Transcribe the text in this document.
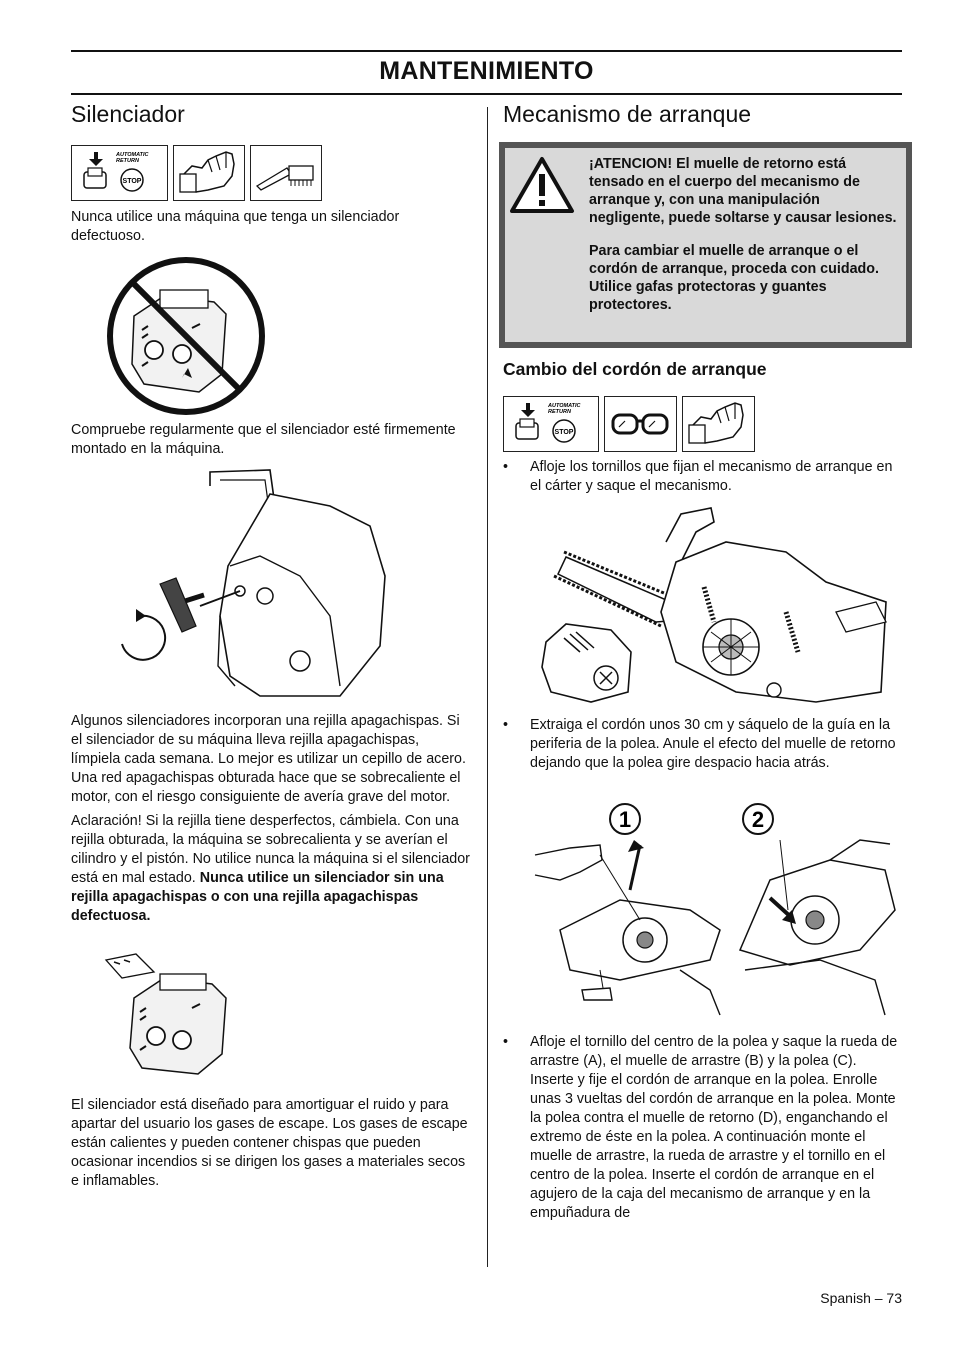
MANTENIMIENTO
Silenciador
AUTOMATIC
RETURN
STOP
Nunca utilice una máquina que tenga un silenciador defectuoso.
Compruebe regularmente que el silenciador esté firmemente montado en la máquina.

Algunos silenciadores incorporan una rejilla apagachispas. Si el silenciador de su máquina lleva rejilla apagachispas, límpiela cada semana. Lo mejor es utilizar un cepillo de acero. Una red apagachispas obturada hace que se sobrecaliente el motor, con el riesgo consiguiente de avería grave del motor.

Aclaración! Si la rejilla tiene desperfectos, cámbiela. Con una rejilla obturada, la máquina se sobrecalienta y se averían el cilindro y el pistón. No utilice nunca la máquina si el silenciador está en mal estado. Nunca utilice un silenciador sin una rejilla apagachispas o con una rejilla apagachispas defectuosa.

El silenciador está diseñado para amortiguar el ruido y para apartar del usuario los gases de escape. Los gases de escape están calientes y pueden contener chispas que pueden ocasionar incendios si se dirigen los gases a materiales secos e inflamables.
Mecanismo de arranque

¡ATENCION! El muelle de retorno está tensado en el cuerpo del mecanismo de arranque y, con una manipulación negligente, puede soltarse y causar lesiones.

Para cambiar el muelle de arranque o el cordón de arranque, proceda con cuidado. Utilice gafas protectoras y guantes protectores.

Cambio del cordón de arranque
AUTOMATIC
RETURN
STOP
• Afloje los tornillos que fijan el mecanismo de arranque en el cárter y saque el mecanismo.
• Extraiga el cordón unos 30 cm y sáquelo de la guía en la periferia de la polea. Anule el efecto del muelle de retorno dejando que la polea gire despacio hacia atrás.
1	2
• Afloje el tornillo del centro de la polea y saque la rueda de arrastre (A), el muelle de arrastre (B) y la polea (C). Inserte y fije el cordón de arranque en la polea. Enrolle unas 3 vueltas del cordón de arranque en la polea. Monte la polea contra el muelle de retorno (D), enganchando el extremo de éste en la polea. A continuación monte el muelle de arrastre, la rueda de arrastre y el tornillo en el centro de la polea. Inserte el cordón de arranque en el agujero de la caja del mecanismo de arranque y en la empuñadura de
Spanish – 73
